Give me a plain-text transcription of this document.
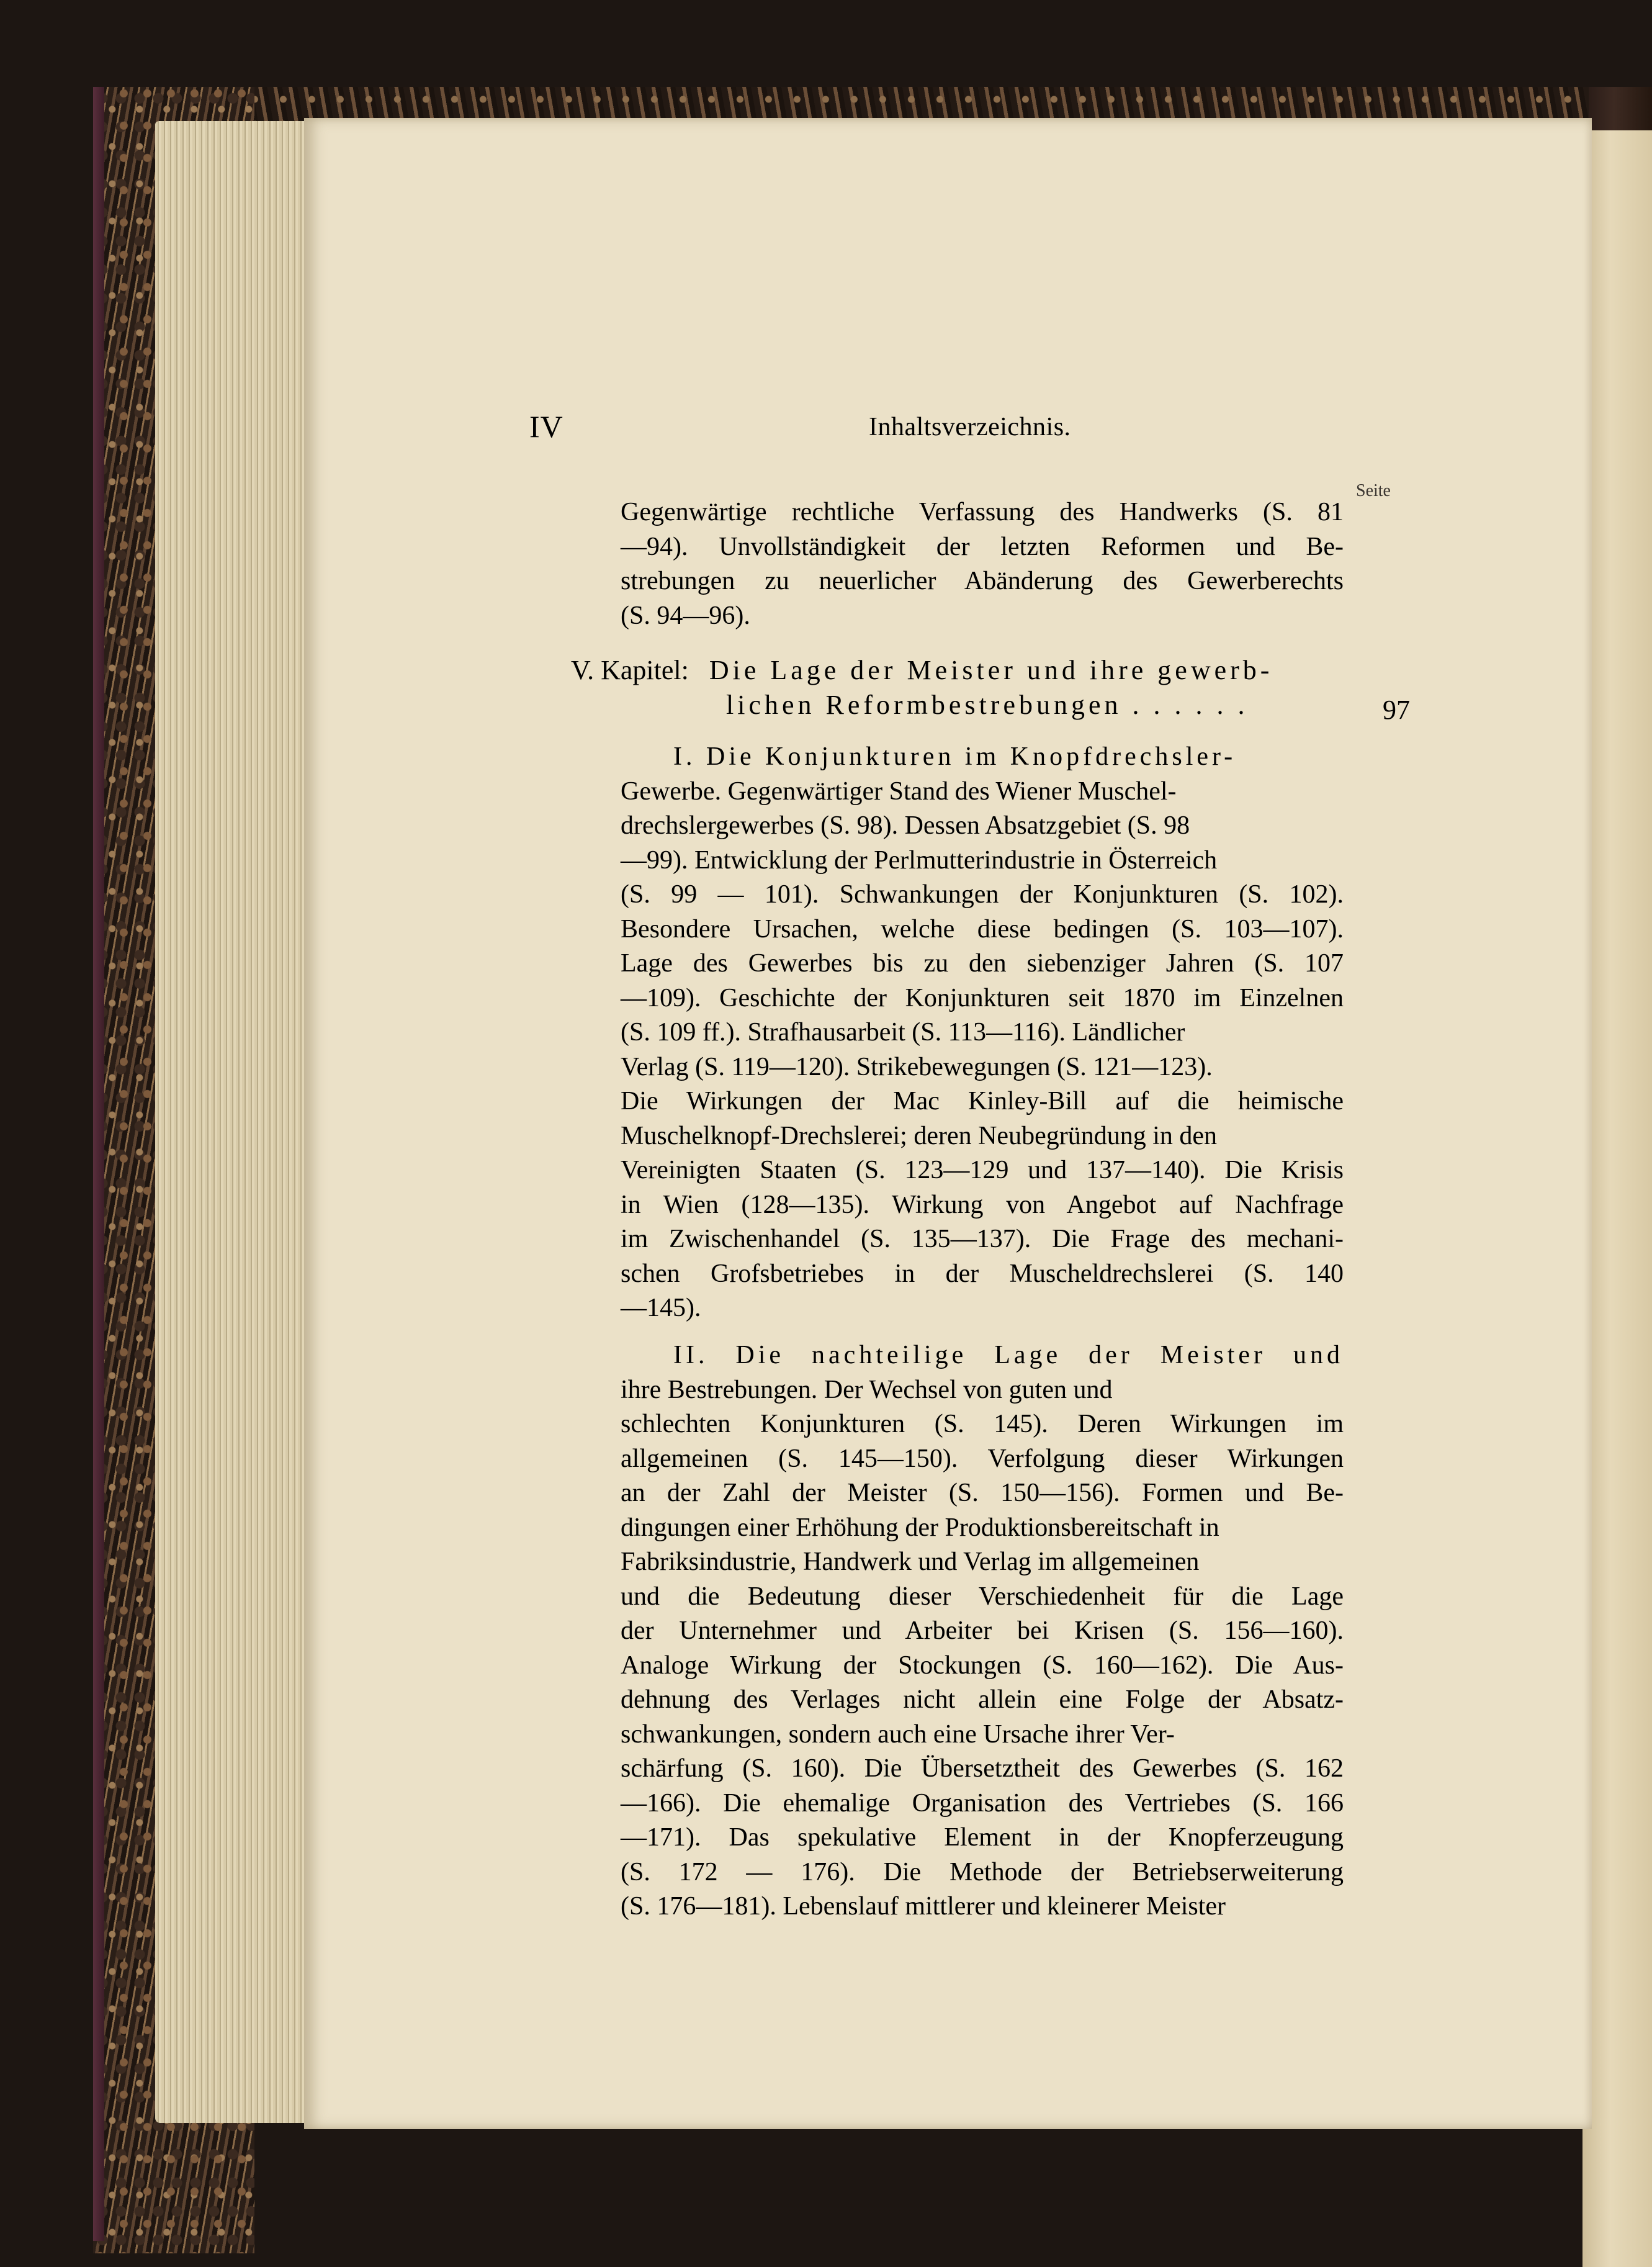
IV	Inhaltsverzeichnis.
Seite
Gegenwärtige rechtliche Verfassung des Handwerks (S. 81
—94). Unvollständigkeit der letzten Reformen und Be-
strebungen zu neuerlicher Abänderung des Gewerberechts
(S. 94—96).
V. Kapitel: Die Lage der Meister und ihre gewerb-
lichen Reformbestrebungen . . . . . .	97
I. Die Konjunkturen im Knopfdrechsler-
Gewerbe. Gegenwärtiger Stand des Wiener Muschel-
drechslergewerbes (S. 98). Dessen Absatzgebiet (S. 98
—99). Entwicklung der Perlmutterindustrie in Österreich
(S. 99 — 101). Schwankungen der Konjunkturen (S. 102).
Besondere Ursachen, welche diese bedingen (S. 103—107).
Lage des Gewerbes bis zu den siebenziger Jahren (S. 107
—109). Geschichte der Konjunkturen seit 1870 im Einzelnen
(S. 109 ff.). Strafhausarbeit (S. 113—116). Ländlicher
Verlag (S. 119—120). Strikebewegungen (S. 121—123).
Die Wirkungen der Mac Kinley-Bill auf die heimische
Muschelknopf-Drechslerei; deren Neubegründung in den
Vereinigten Staaten (S. 123—129 und 137—140). Die Krisis
in Wien (128—135). Wirkung von Angebot auf Nachfrage
im Zwischenhandel (S. 135—137). Die Frage des mechani-
schen Grofsbetriebes in der Muscheldrechslerei (S. 140
—145).
II. Die nachteilige Lage der Meister und
ihre Bestrebungen. Der Wechsel von guten und
schlechten Konjunkturen (S. 145). Deren Wirkungen im
allgemeinen (S. 145—150). Verfolgung dieser Wirkungen
an der Zahl der Meister (S. 150—156). Formen und Be-
dingungen einer Erhöhung der Produktionsbereitschaft in
Fabriksindustrie, Handwerk und Verlag im allgemeinen
und die Bedeutung dieser Verschiedenheit für die Lage
der Unternehmer und Arbeiter bei Krisen (S. 156—160).
Analoge Wirkung der Stockungen (S. 160—162). Die Aus-
dehnung des Verlages nicht allein eine Folge der Absatz-
schwankungen, sondern auch eine Ursache ihrer Ver-
schärfung (S. 160). Die Übersetztheit des Gewerbes (S. 162
—166). Die ehemalige Organisation des Vertriebes (S. 166
—171). Das spekulative Element in der Knopferzeugung
(S. 172 — 176). Die Methode der Betriebserweiterung
(S. 176—181). Lebenslauf mittlerer und kleinerer Meister
